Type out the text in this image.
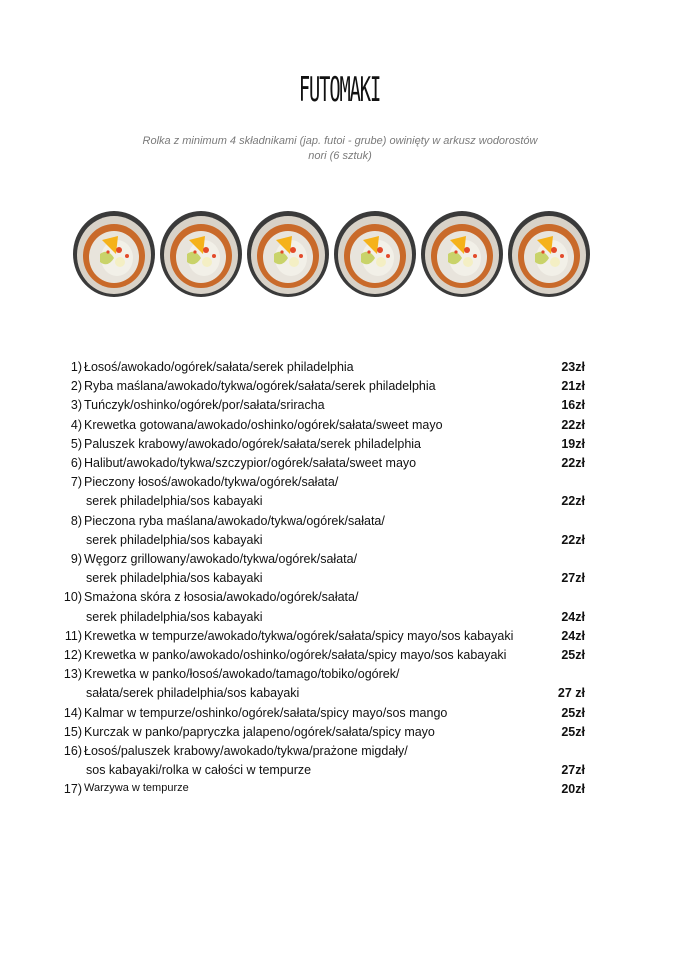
FUTOMAKI
Rolka z minimum 4 składnikami (jap. futoi - grube) owinięty w arkusz wodorostów
nori (6 sztuk)
1) Łosoś/awokado/ogórek/sałata/serek philadelphia	23zł
2) Ryba maślana/awokado/tykwa/ogórek/sałata/serek philadelphia	21zł
3) Tuńczyk/oshinko/ogórek/por/sałata/sriracha	16zł
4) Krewetka gotowana/awokado/oshinko/ogórek/sałata/sweet mayo	22zł
5) Paluszek krabowy/awokado/ogórek/sałata/serek philadelphia	19zł
6) Halibut/awokado/tykwa/szczypior/ogórek/sałata/sweet mayo	22zł
7) Pieczony łosoś/awokado/tykwa/ogórek/sałata/
serek philadelphia/sos kabayaki	22zł
8) Pieczona ryba maślana/awokado/tykwa/ogórek/sałata/
serek philadelphia/sos kabayaki	22zł
9) Węgorz grillowany/awokado/tykwa/ogórek/sałata/
serek philadelphia/sos kabayaki	27zł
10) Smażona skóra z łososia/awokado/ogórek/sałata/
serek philadelphia/sos kabayaki	24zł
11) Krewetka w tempurze/awokado/tykwa/ogórek/sałata/spicy mayo/sos kabayaki	24zł
12) Krewetka w panko/awokado/oshinko/ogórek/sałata/spicy mayo/sos kabayaki	25zł
13) Krewetka w panko/łosoś/awokado/tamago/tobiko/ogórek/
sałata/serek philadelphia/sos kabayaki	27 zł
14) Kalmar w tempurze/oshinko/ogórek/sałata/spicy mayo/sos mango	25zł
15) Kurczak w panko/papryczka jalapeno/ogórek/sałata/spicy mayo	25zł
16) Łosoś/paluszek krabowy/awokado/tykwa/prażone migdały/
sos kabayaki/rolka w całości w tempurze	27zł
17) Warzywa w tempurze	20zł
